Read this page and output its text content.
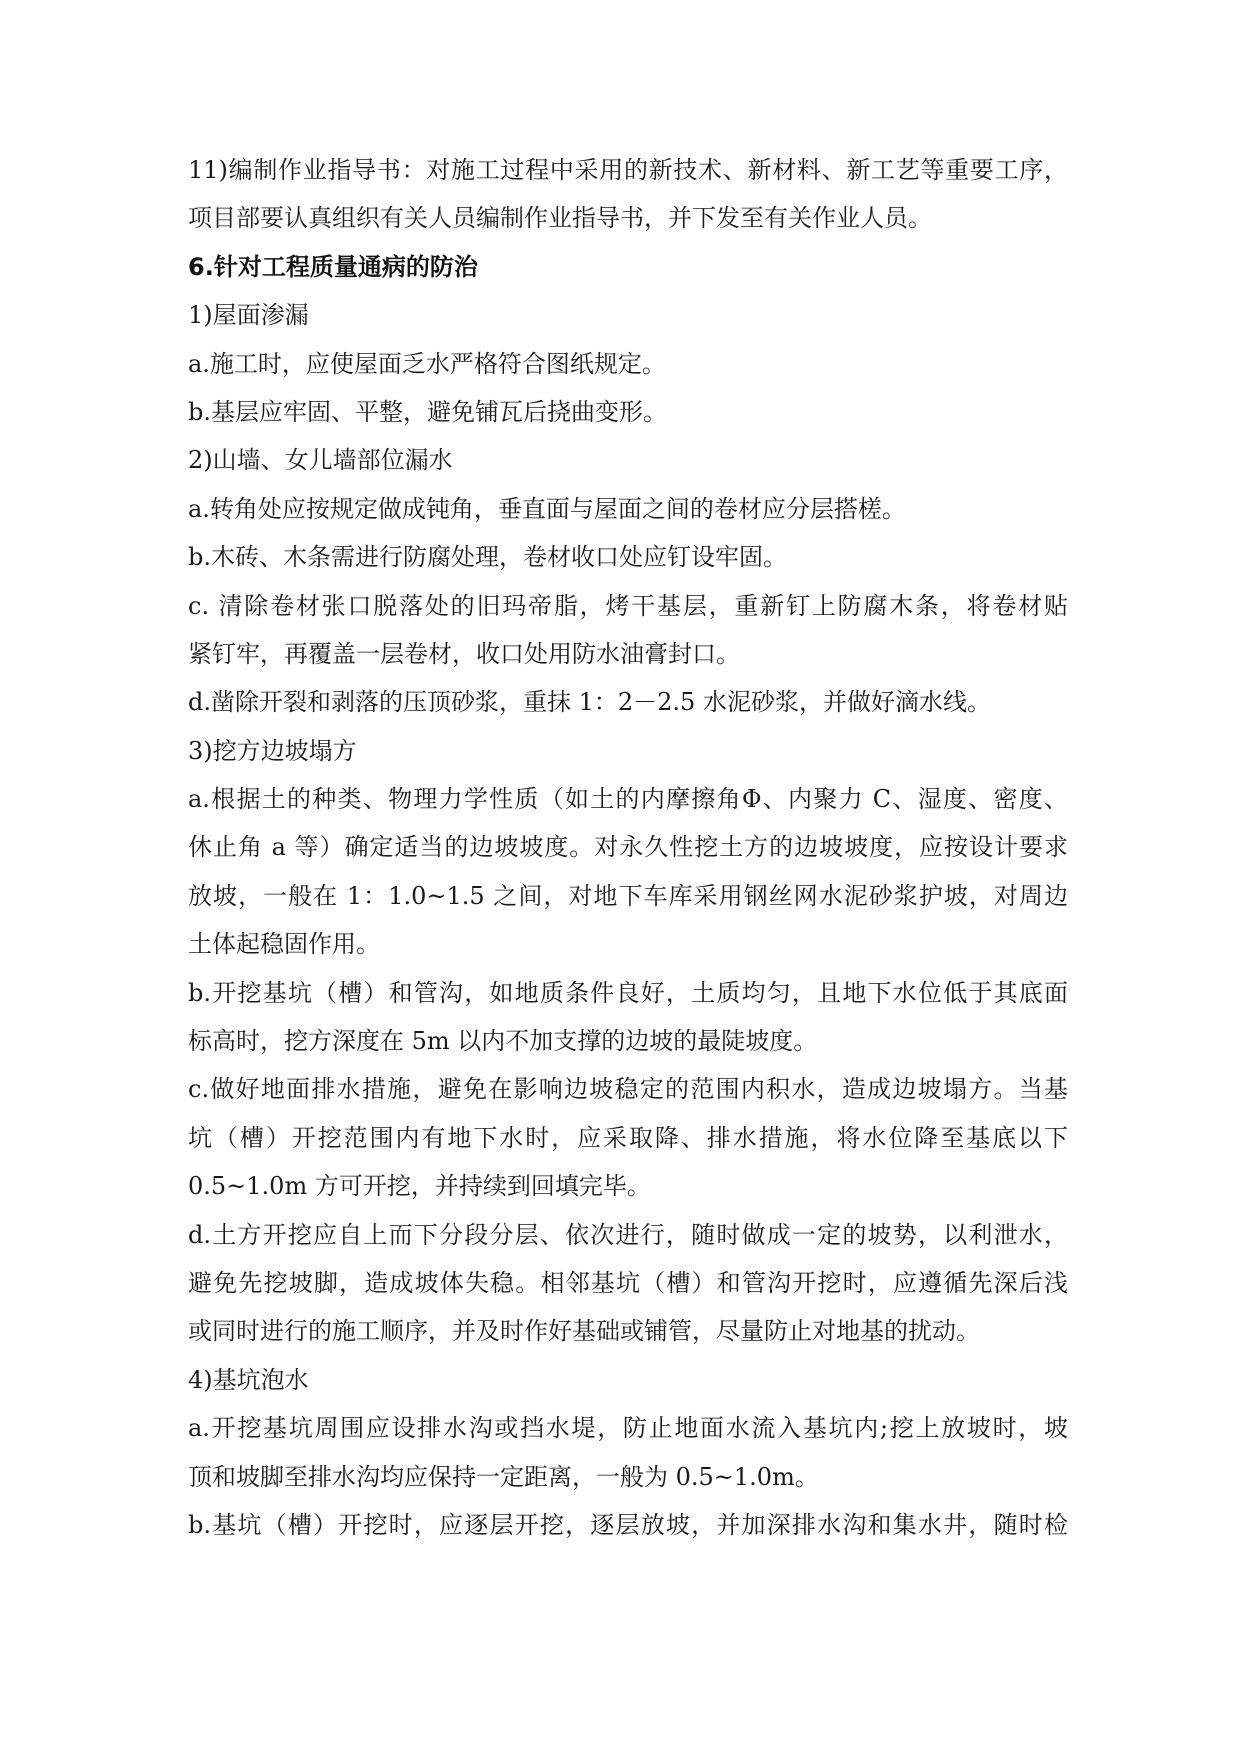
11)编制作业指导书：对施工过程中采用的新技术、新材料、新工艺等重要工序，
项目部要认真组织有关人员编制作业指导书，并下发至有关作业人员。
6.针对工程质量通病的防治
1)屋面渗漏
a.施工时，应使屋面乏水严格符合图纸规定。
b.基层应牢固、平整，避免铺瓦后挠曲变形。
2)山墙、女儿墙部位漏水
a.转角处应按规定做成钝角，垂直面与屋面之间的卷材应分层搭槎。
b.木砖、木条需进行防腐处理，卷材收口处应钉设牢固。
c. 清除卷材张口脱落处的旧玛帝脂，烤干基层，重新钉上防腐木条，将卷材贴
紧钉牢，再覆盖一层卷材，收口处用防水油膏封口。
d.凿除开裂和剥落的压顶砂浆，重抹 1：2－2.5 水泥砂浆，并做好滴水线。
3)挖方边坡塌方
a.根据土的种类、物理力学性质（如土的内摩擦角Φ、内聚力 C、湿度、密度、
休止角 a 等）确定适当的边坡坡度。对永久性挖土方的边坡坡度，应按设计要求
放坡，一般在 1：1.0~1.5 之间，对地下车库采用钢丝网水泥砂浆护坡，对周边
土体起稳固作用。
b.开挖基坑（槽）和管沟，如地质条件良好，土质均匀，且地下水位低于其底面
标高时，挖方深度在 5m 以内不加支撑的边坡的最陡坡度。
c.做好地面排水措施，避免在影响边坡稳定的范围内积水，造成边坡塌方。当基
坑（槽）开挖范围内有地下水时，应采取降、排水措施，将水位降至基底以下
0.5~1.0m 方可开挖，并持续到回填完毕。
d.土方开挖应自上而下分段分层、依次进行，随时做成一定的坡势，以利泄水，
避免先挖坡脚，造成坡体失稳。相邻基坑（槽）和管沟开挖时，应遵循先深后浅
或同时进行的施工顺序，并及时作好基础或铺管，尽量防止对地基的扰动。
4)基坑泡水
a.开挖基坑周围应设排水沟或挡水堤，防止地面水流入基坑内;挖上放坡时，坡
顶和坡脚至排水沟均应保持一定距离，一般为 0.5~1.0m。
b.基坑（槽）开挖时，应逐层开挖，逐层放坡，并加深排水沟和集水井，随时检
